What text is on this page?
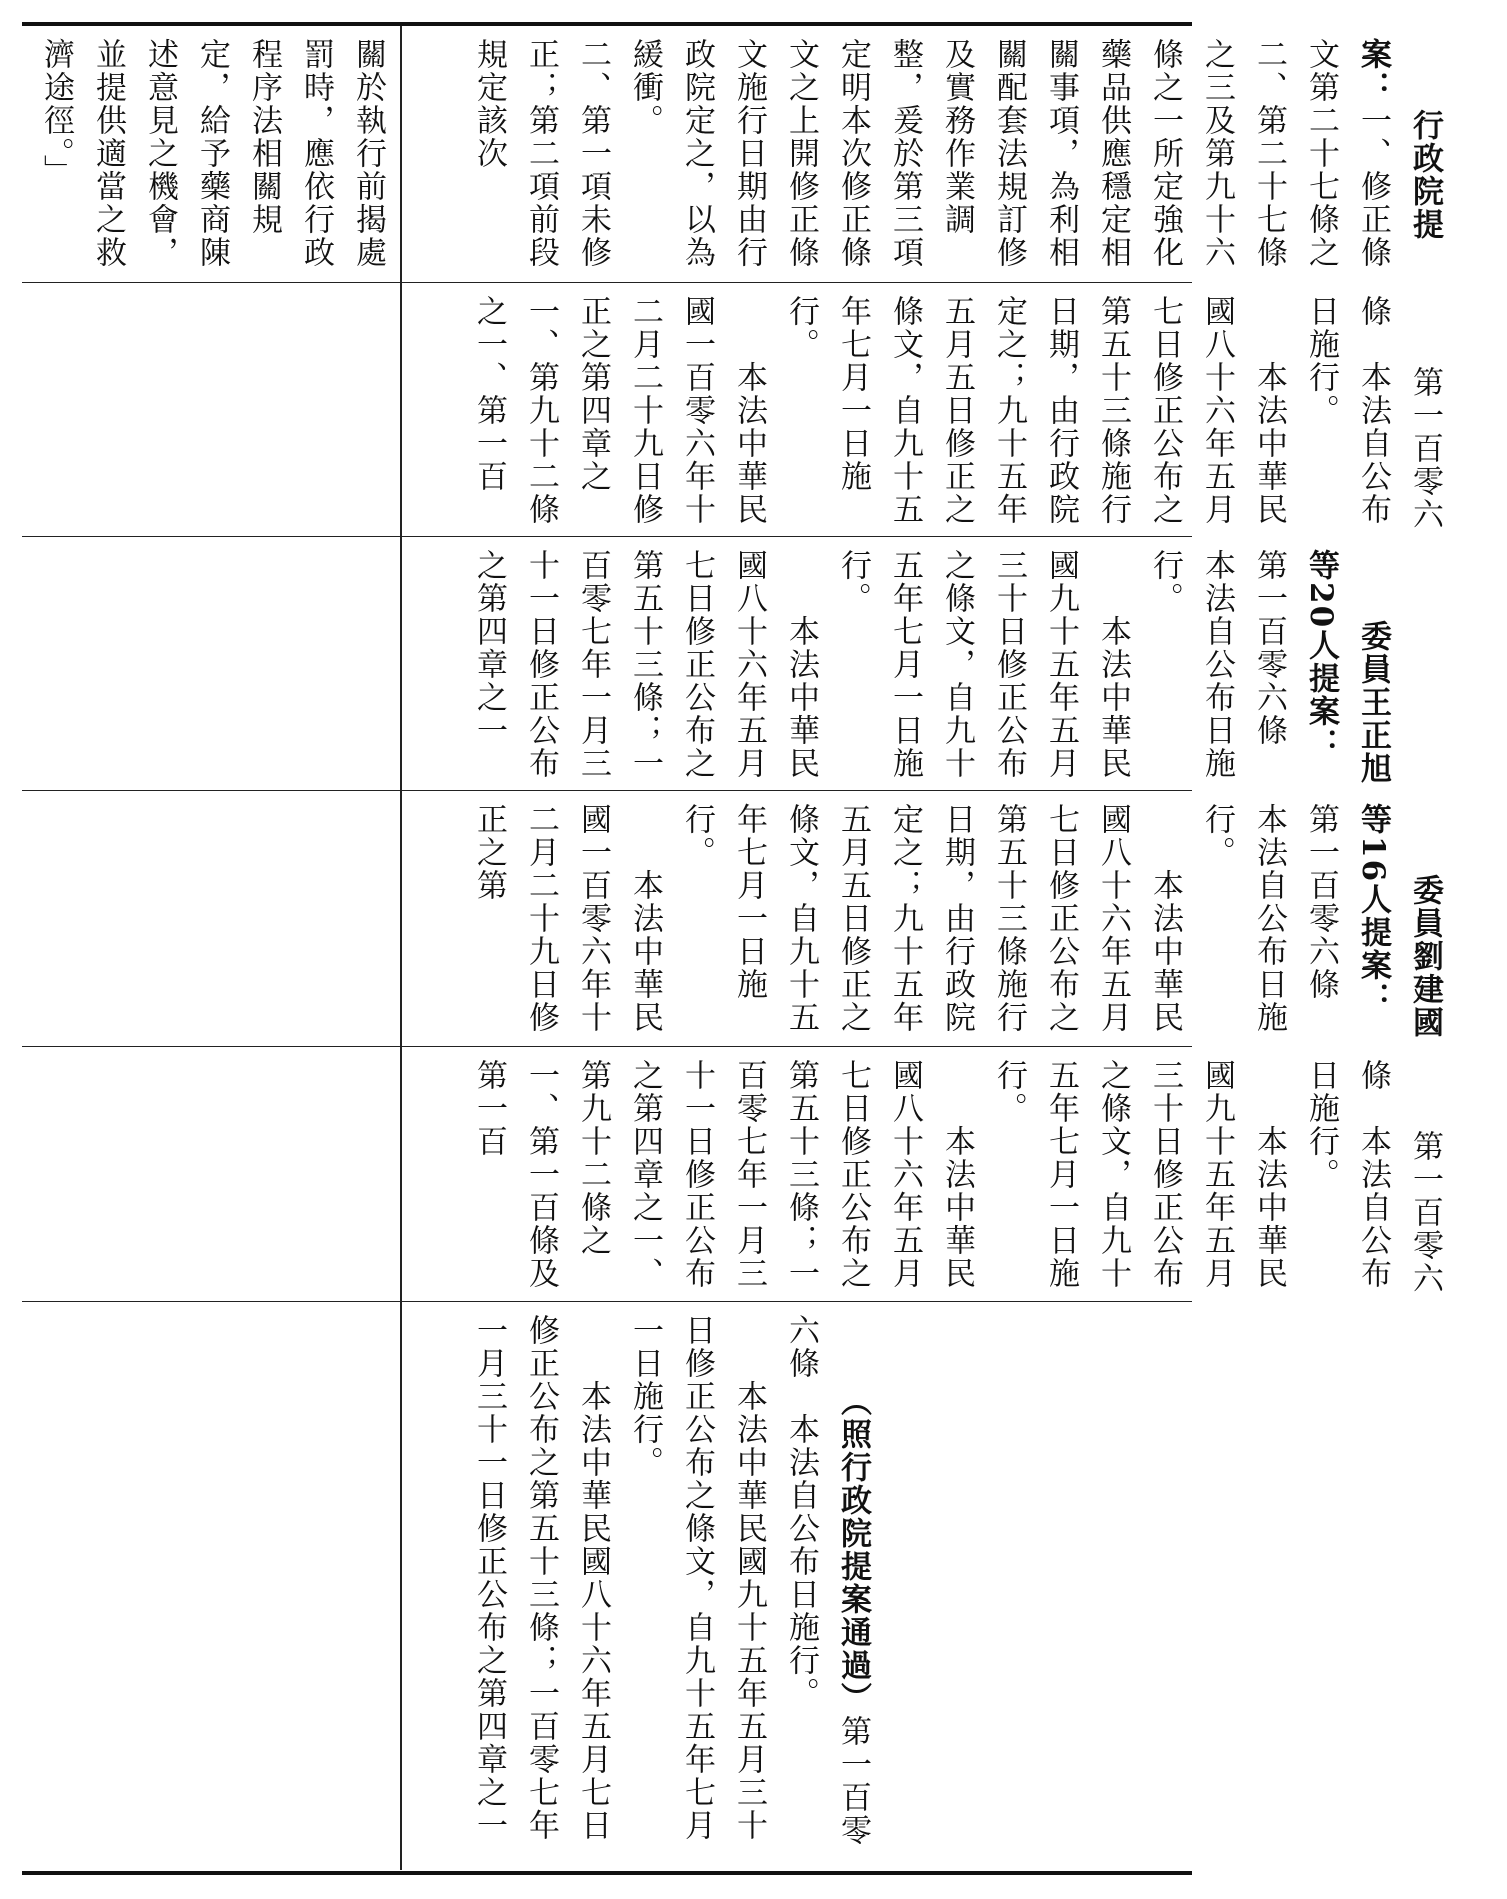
關於執行前揭處罰時，應依行政程序法相關規定，給予藥商陳述意見之機會，並提供適當之救濟途徑。」	行政院提案：一、修正條文第二十七條之二、第二十七條之三及第九十六條之一所定強化藥品供應穩定相關事項，為利相關配套法規訂修及實務作業調整，爰於第三項定明本次修正條文之上開修正條文施行日期由行政院定之，以為緩衝。
二、第一項未修正；第二項前段規定該次

第一百零六條　本法自公布日施行。
　　本法中華民國八十六年五月七日修正公布之第五十三條施行日期，由行政院定之；九十五年五月五日修正之條文，自九十五年七月一日施行。
　　本法中華民國一百零六年十二月二十九日修正之第四章之一、第九十二條之一、第一百

委員王正旭等20人提案：第一百零六條　本法自公布日施行。
　　本法中華民國九十五年五月三十日修正公布之條文，自九十五年七月一日施行。
　　本法中華民國八十六年五月七日修正公布之第五十三條；一百零七年一月三十一日修正公布之第四章之一

委員劉建國等16人提案：第一百零六條　本法自公布日施行。
　　本法中華民國八十六年五月七日修正公布之第五十三條施行日期，由行政院定之；九十五年五月五日修正之條文，自九十五年七月一日施行。
　　本法中華民國一百零六年十二月二十九日修正之第

第一百零六條　本法自公布日施行。
　　本法中華民國九十五年五月三十日修正公布之條文，自九十五年七月一日施行。
　　本法中華民國八十六年五月七日修正公布之第五十三條；一百零七年一月三十一日修正公布之第四章之一、第九十二條之一、第一百條及第一百

（照行政院提案通過）第一百零六條　本法自公布日施行。
　　本法中華民國九十五年五月三十日修正公布之條文，自九十五年七月一日施行。
　　本法中華民國八十六年五月七日修正公布之第五十三條；一百零七年一月三十一日修正公布之第四章之一
